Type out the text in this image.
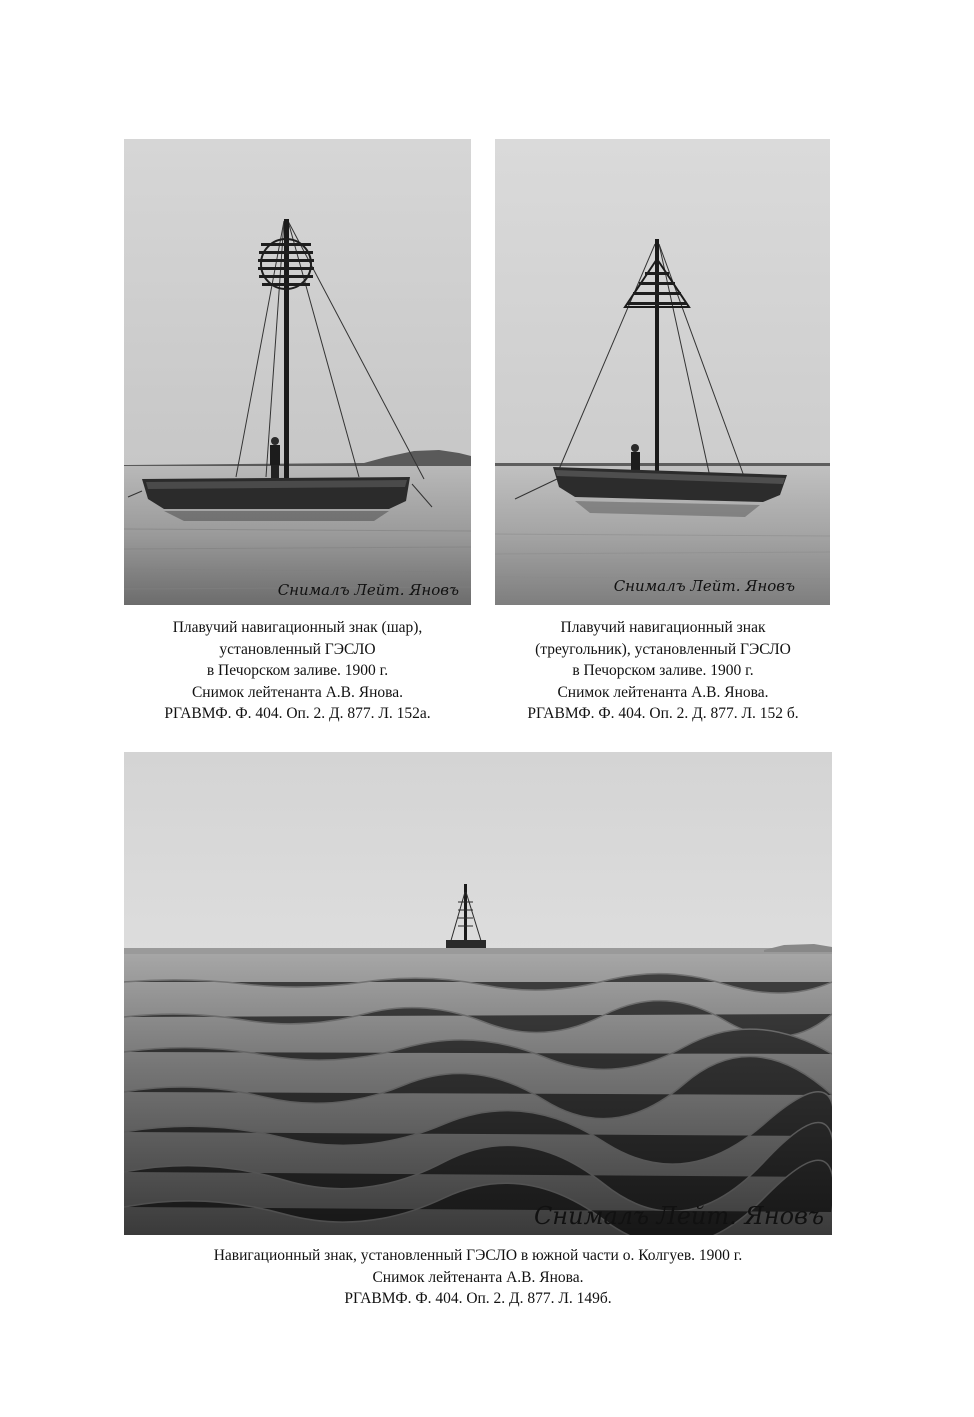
Снималъ Лейт. Яновъ	Снималъ Лейт. Яновъ
Снималъ Лейт. Яновъ
Плавучий навигационный знак (шар),
установленный ГЭСЛО
в Печорском заливе. 1900 г.
Снимок лейтенанта А.В. Янова.
РГАВМФ. Ф. 404. Оп. 2. Д. 877. Л. 152а.
Плавучий навигационный знак
(треугольник), установленный ГЭСЛО
в Печорском заливе. 1900 г.
Снимок лейтенанта А.В. Янова.
РГАВМФ. Ф. 404. Оп. 2. Д. 877. Л. 152 б.
Навигационный знак, установленный ГЭСЛО в южной части о. Колгуев. 1900 г.
Снимок лейтенанта А.В. Янова.
РГАВМФ. Ф. 404. Оп. 2. Д. 877. Л. 149б.
